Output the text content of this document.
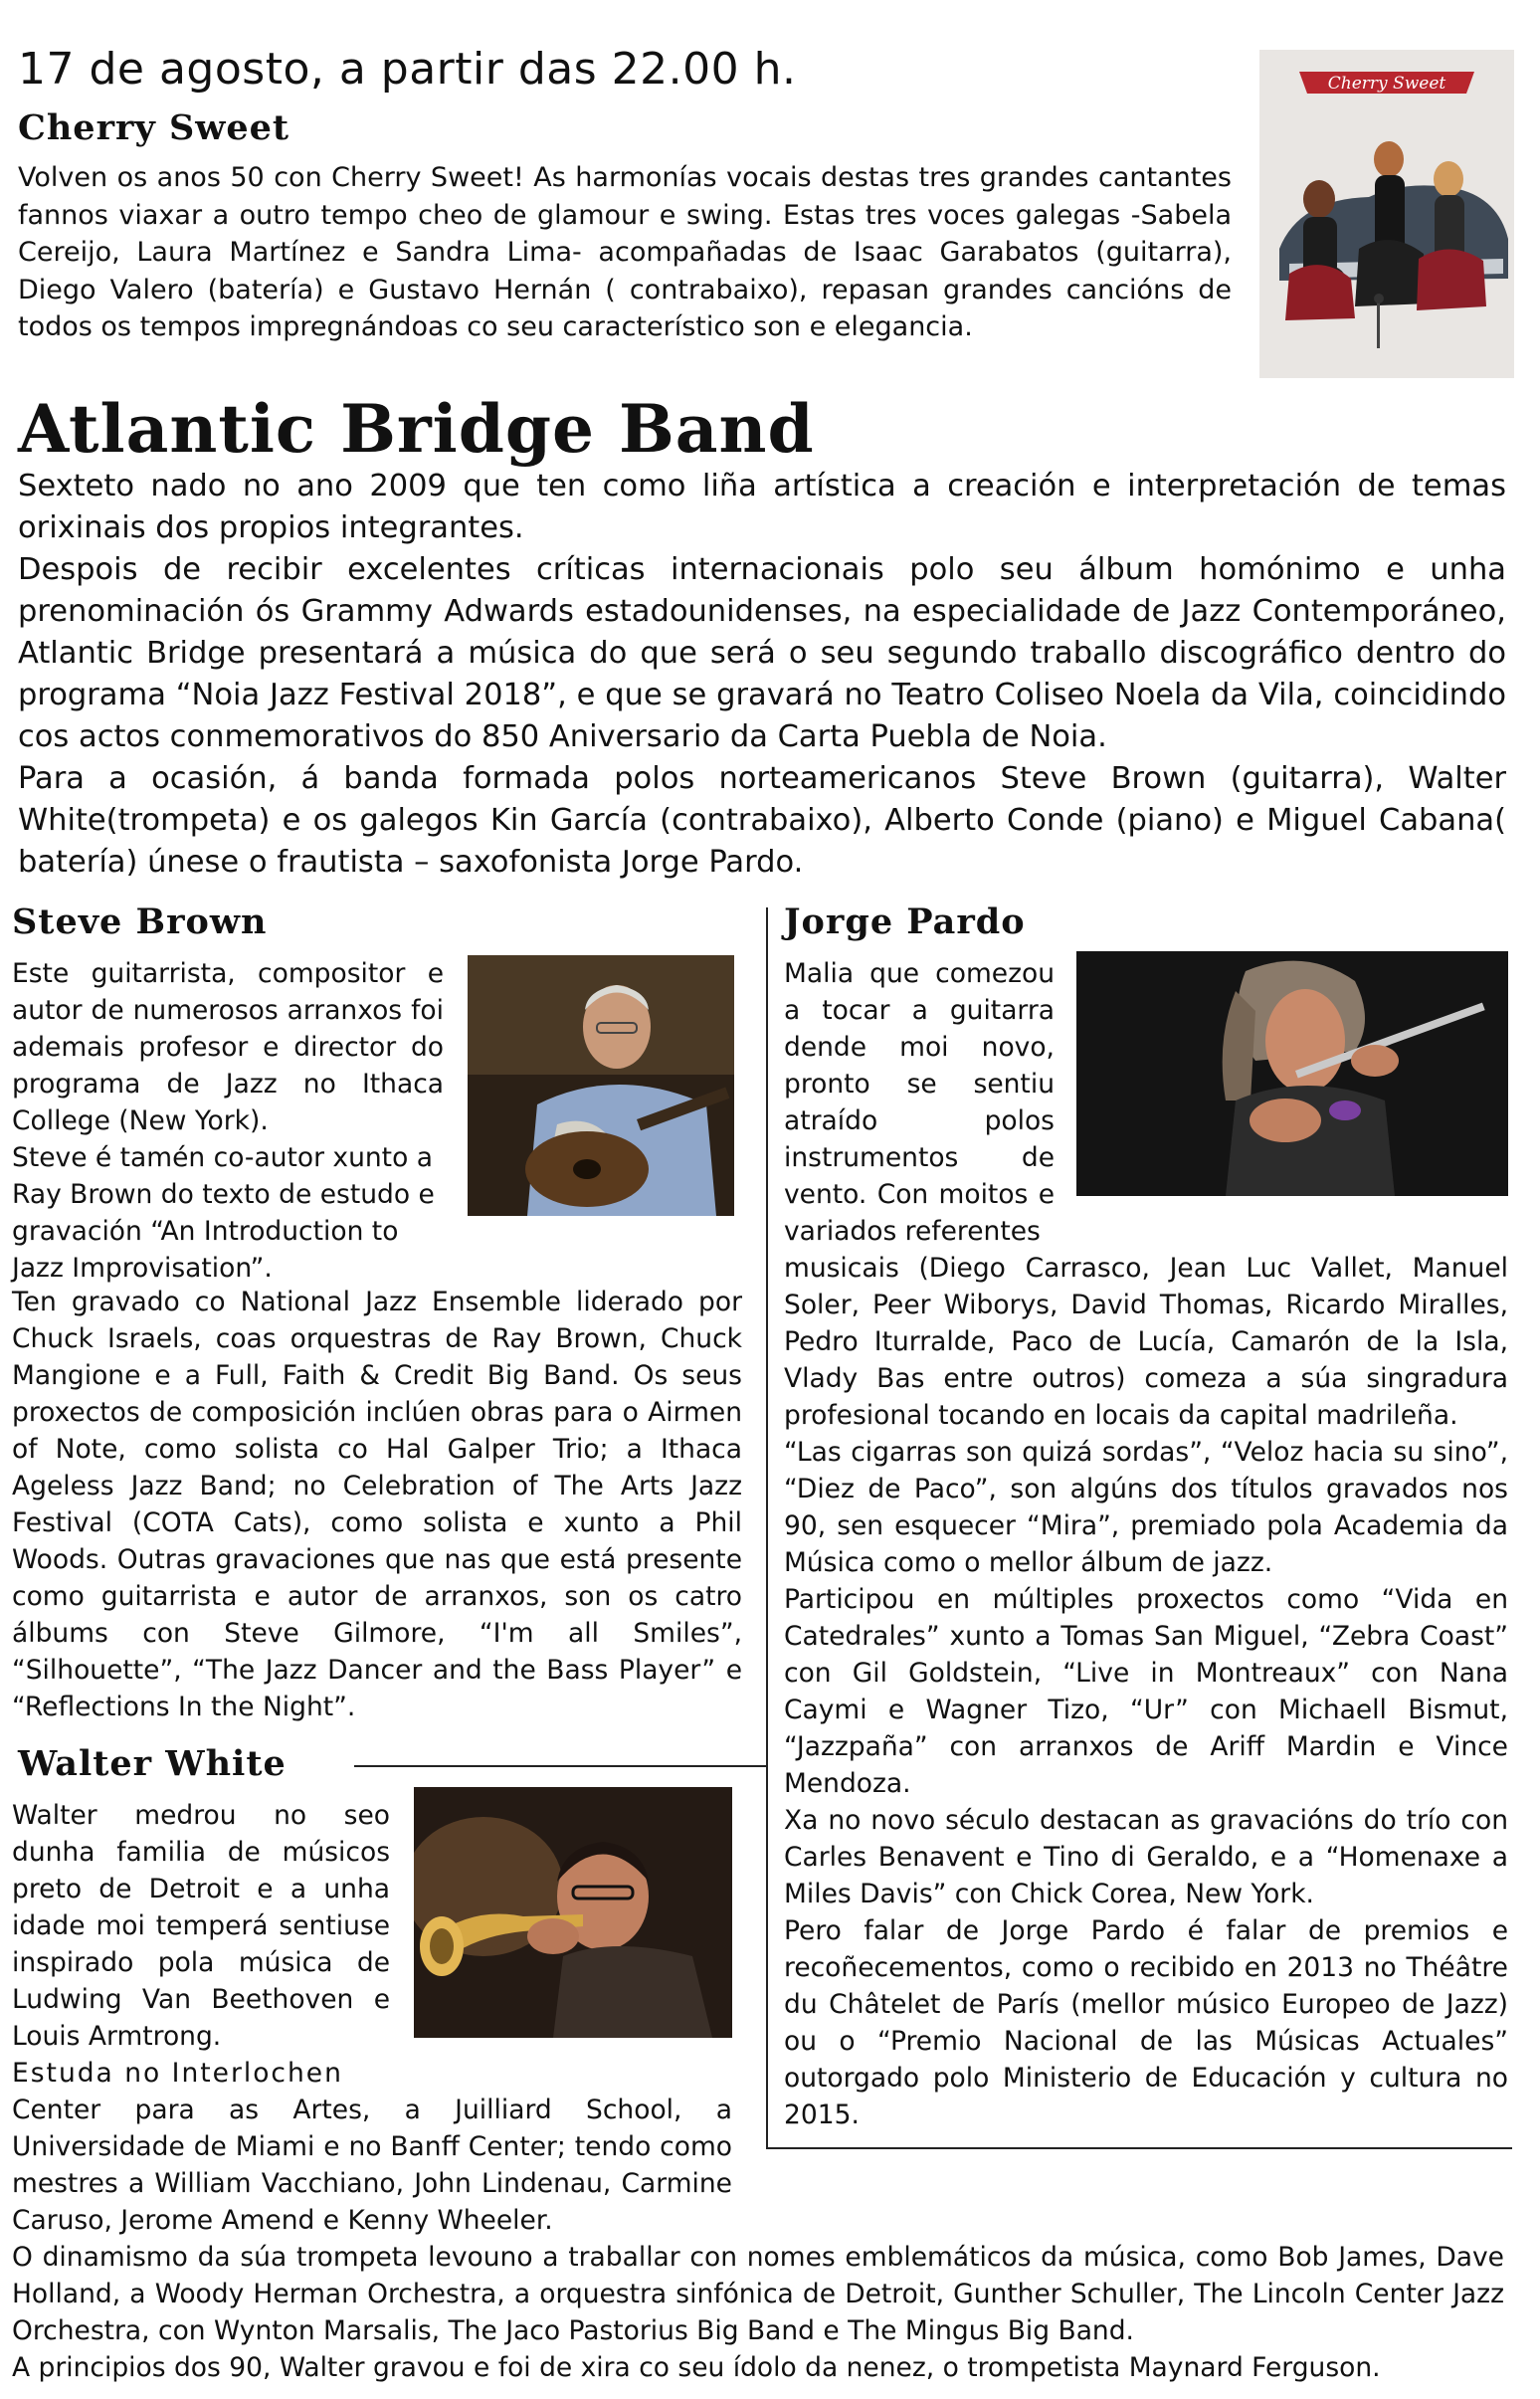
17 de agosto, a partir das 22.00 h.
Cherry Sweet
Volven os anos 50 con Cherry Sweet! As harmonías vocais destas tres grandes cantantes fannos viaxar a outro tempo cheo de glamour e swing. Estas tres voces galegas -Sabela Cereijo, Laura Martínez e Sandra Lima- acompañadas de Isaac Garabatos (guitarra), Diego Valero (batería) e Gustavo Hernán ( contrabaixo), repasan grandes cancións de todos os tempos impregnándoas co seu característico son e elegancia.
Cherry Sweet
Atlantic Bridge Band
Sexteto nado no ano 2009 que ten como liña artística a creación e interpretación de temas orixinais dos propios integrantes.
Despois de recibir excelentes críticas internacionais polo seu álbum homónimo e unha prenominación ós Grammy Adwards estadounidenses, na especialidade de Jazz Contemporáneo, Atlantic Bridge presentará a música do que será o seu segundo traballo discográfico dentro do programa “Noia Jazz Festival 2018”, e que se gravará no Teatro Coliseo Noela da Vila, coincidindo cos actos conmemorativos do 850 Aniversario da Carta Puebla de Noia.
Para a ocasión, á banda formada polos norteamericanos Steve Brown (guitarra), Walter White(trompeta) e os galegos Kin García (contrabaixo), Alberto Conde (piano) e Miguel Cabana( batería) únese o frautista – saxofonista Jorge Pardo.
Steve Brown
Este guitarrista, compositor e autor de numerosos arranxos foi ademais profesor e director do programa de Jazz no Ithaca College (New York).
Steve é tamén co-autor xunto a Ray Brown do texto de estudo e gravación “An Introduction to Jazz Improvisation”.
Ten gravado co National Jazz Ensemble liderado por Chuck Israels, coas orquestras de Ray Brown, Chuck Mangione e a Full, Faith & Credit Big Band. Os seus proxectos de composición inclúen obras para o Airmen of Note, como solista co Hal Galper Trio; a Ithaca Ageless Jazz Band; no Celebration of The Arts Jazz Festival (COTA Cats), como solista e xunto a Phil Woods. Outras gravaciones que nas que está presente como guitarrista e autor de arranxos, son os catro álbums con Steve Gilmore, “I'm all Smiles”, “Silhouette”, “The Jazz Dancer and the Bass Player” e “Reflections In the Night”.
Walter White
Walter medrou no seo dunha familia de músicos preto de Detroit e a unha idade moi temperá sentiuse inspirado pola música de Ludwing Van Beethoven e Louis Armtrong.
Estuda no Interlochen
Center para as Artes, a Juilliard School, a Universidade de Miami e no Banff Center; tendo como mestres a William Vacchiano, John Lindenau, Carmine Caruso, Jerome Amend e Kenny Wheeler.
O dinamismo da súa trompeta levouno a traballar con nomes emblemáticos da música, como Bob James, Dave Holland, a Woody Herman Orchestra, a orquestra sinfónica de Detroit, Gunther Schuller, The Lincoln Center Jazz Orchestra, con Wynton Marsalis, The Jaco Pastorius Big Band e The Mingus Big Band.
A principios dos 90, Walter gravou e foi de xira co seu ídolo da nenez, o trompetista Maynard Ferguson.
Jorge Pardo
Malia que comezou a tocar a guitarra dende moi novo, pronto se sentiu atraído polos instrumentos de vento. Con moitos e variados referentes
musicais (Diego Carrasco, Jean Luc Vallet, Manuel Soler, Peer Wiborys, David Thomas, Ricardo Miralles, Pedro Iturralde, Paco de Lucía, Camarón de la Isla, Vlady Bas entre outros) comeza a súa singradura profesional tocando en locais da capital madrileña.
“Las cigarras son quizá sordas”, “Veloz hacia su sino”, “Diez de Paco”, son algúns dos títulos gravados nos 90, sen esquecer “Mira”, premiado pola Academia da Música como o mellor álbum de jazz.
Participou en múltiples proxectos como “Vida en Catedrales” xunto a Tomas San Miguel, “Zebra Coast” con Gil Goldstein, “Live in Montreaux” con Nana Caymi e Wagner Tizo, “Ur” con Michaell Bismut, “Jazzpaña” con arranxos de Ariff Mardin e Vince Mendoza.
Xa no novo século destacan as gravacións do trío con Carles Benavent e Tino di Geraldo, e a “Homenaxe a Miles Davis” con Chick Corea, New York.
Pero falar de Jorge Pardo é falar de premios e recoñecementos, como o recibido en 2013 no Théâtre du Châtelet de París (mellor músico Europeo de Jazz) ou o “Premio Nacional de las Músicas Actuales” outorgado polo Ministerio de Educación y cultura no 2015.
